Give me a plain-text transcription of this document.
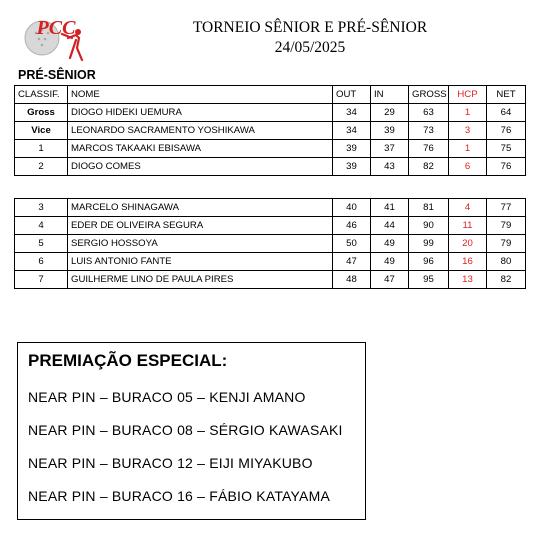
PCC	TORNEIO SÊNIOR E PRÉ-SÊNIOR
24/05/2025
PRÉ-SÊNIOR
CLASSIF.	NOME	OUT	IN	GROSS	HCP	NET
Gross	DIOGO HIDEKI UEMURA	34	29	63	1	64
Vice	LEONARDO SACRAMENTO YOSHIKAWA	34	39	73	3	76
1	MARCOS TAKAAKI EBISAWA	39	37	76	1	75
2	DIOGO COMES	39	43	82	6	76
3	MARCELO SHINAGAWA	40	41	81	4	77
4	EDER DE OLIVEIRA SEGURA	46	44	90	11	79
5	SERGIO HOSSOYA	50	49	99	20	79
6	LUIS ANTONIO FANTE	47	49	96	16	80
7	GUILHERME LINO DE PAULA PIRES	48	47	95	13	82
PREMIAÇÃO ESPECIAL:
NEAR PIN – BURACO 05 – KENJI AMANO
NEAR PIN – BURACO 08 – SÉRGIO KAWASAKI
NEAR PIN – BURACO 12 – EIJI MIYAKUBO
NEAR PIN – BURACO 16 – FÁBIO KATAYAMA
